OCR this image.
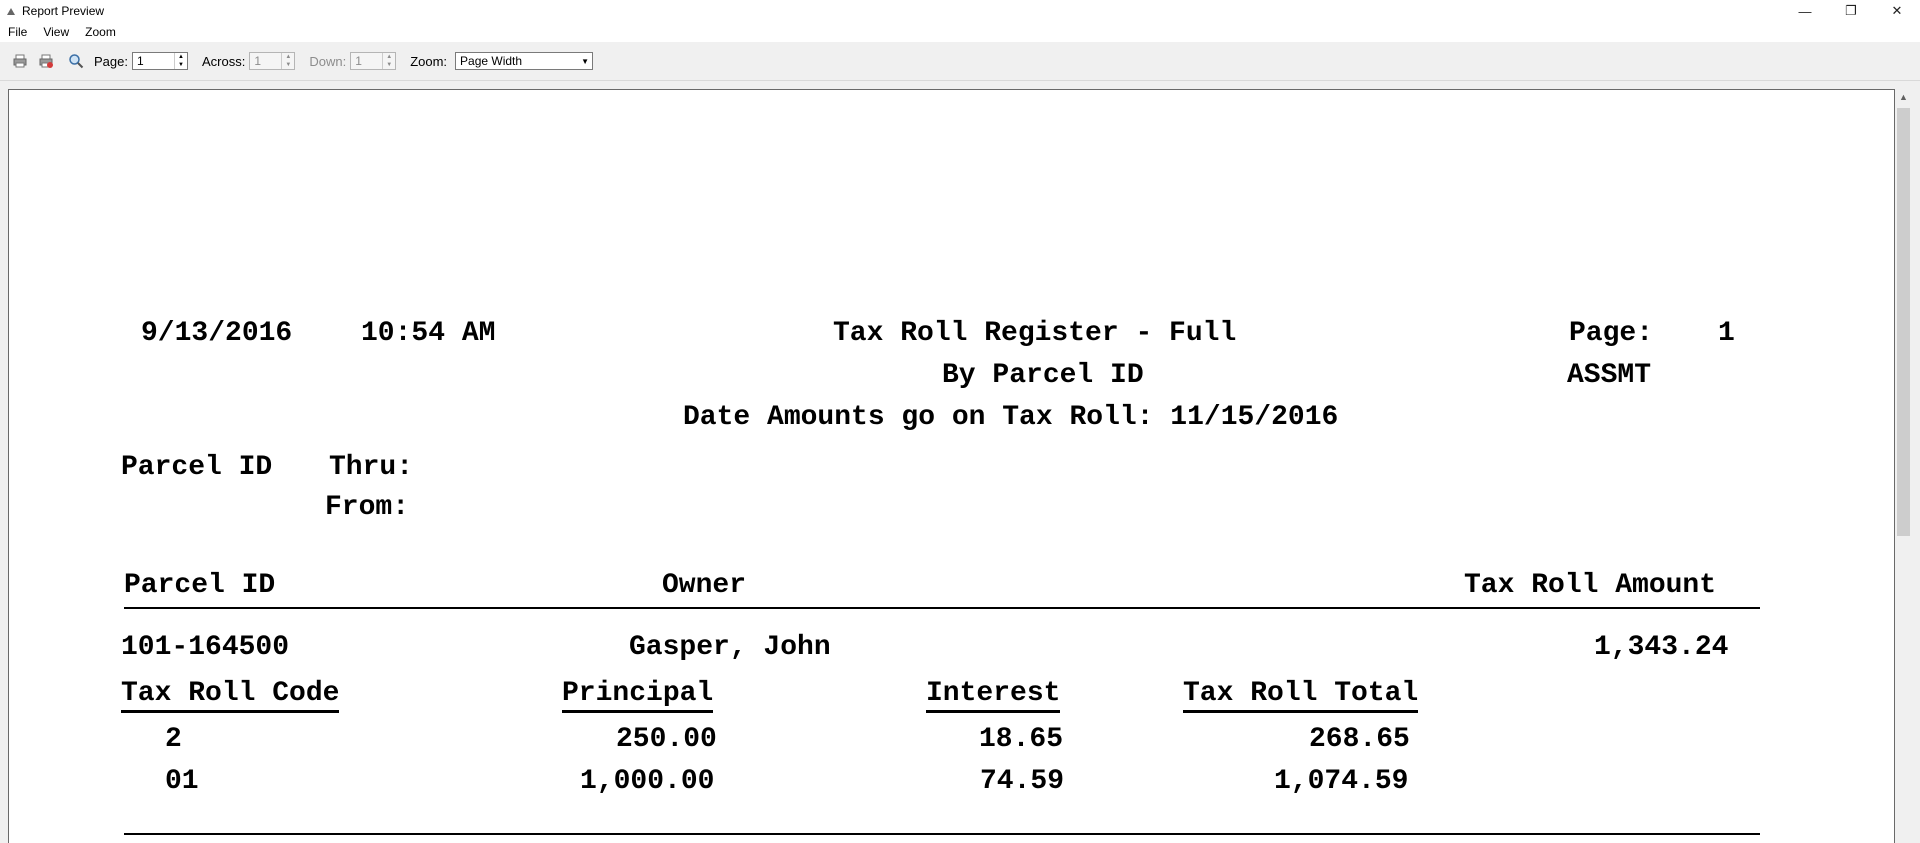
Report Preview	—	❐	✕
File	View	Zoom
Page: 1	▲
▼ Across: 1	▲
▼ Down: 1	▲
▼ Zoom:	Page Width	▼
9/13/2016 10:54 AM	Tax Roll Register - Full	Page: 1
By Parcel ID	ASSMT
Date Amounts go on Tax Roll: 11/15/2016
Parcel ID Thru:
From:
Parcel ID	Owner	Tax Roll Amount
101-164500	Gasper, John	1,343.24
Tax Roll Code	Principal	Interest	Tax Roll Total
2	250.00	18.65	268.65
01	1,000.00	74.59	1,074.59
▲
